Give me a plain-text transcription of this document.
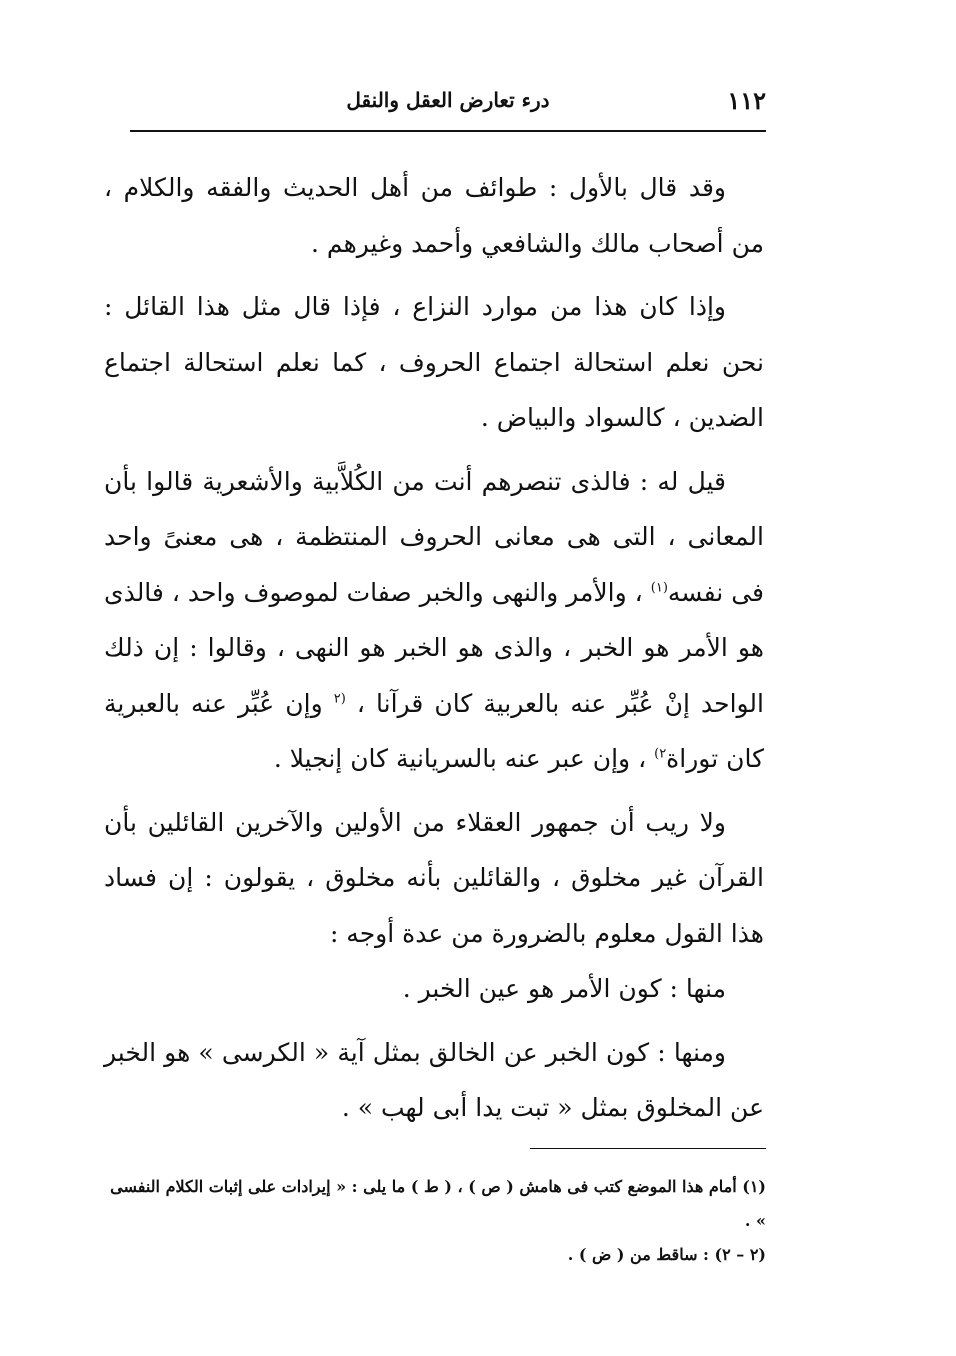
درء تعارض العقل والنقل	١١٢

وقد قال بالأول : طوائف من أهل الحديث والفقه والكلام ، من أصحاب مالك والشافعي وأحمد وغيرهم .

وإذا كان هذا من موارد النزاع ، فإذا قال مثل هذا القائل : نحن نعلم استحالة اجتماع الحروف ، كما نعلم استحالة اجتماع الضدين ، كالسواد والبياض .

قيل له : فالذى تنصرهم أنت من الكُلاَّبية والأشعرية قالوا بأن المعانى ، التى هى معانى الحروف المنتظمة ، هى معنىً واحد فى نفسه$^{(١)}$ ، والأمر والنهى والخبر صفات لموصوف واحد ، فالذى هو الأمر هو الخبر ، والذى هو الخبر هو النهى ، وقالوا : إن ذلك الواحد إنْ عُبِّر عنه بالعربية كان قرآنا ، $^{(٢}$ وإن عُبِّر عنه بالعبرية كان توراة$^{٢)}$ ، وإن عبر عنه بالسريانية كان إنجيلا .

ولا ريب أن جمهور العقلاء من الأولين والآخرين القائلين بأن القرآن غير مخلوق ، والقائلين بأنه مخلوق ، يقولون : إن فساد هذا القول معلوم بالضرورة من عدة أوجه :

منها : كون الأمر هو عين الخبر .

ومنها : كون الخبر عن الخالق بمثل آية « الكرسى » هو الخبر عن المخلوق بمثل « تبت يدا أبى لهب » .

(١) أمام هذا الموضع كتب فى هامش ( ص ) ، ( ط ) ما يلى : « إيرادات على إثبات الكلام النفسى » .

(٢ – ٢) : ساقط من ( ض ) .
